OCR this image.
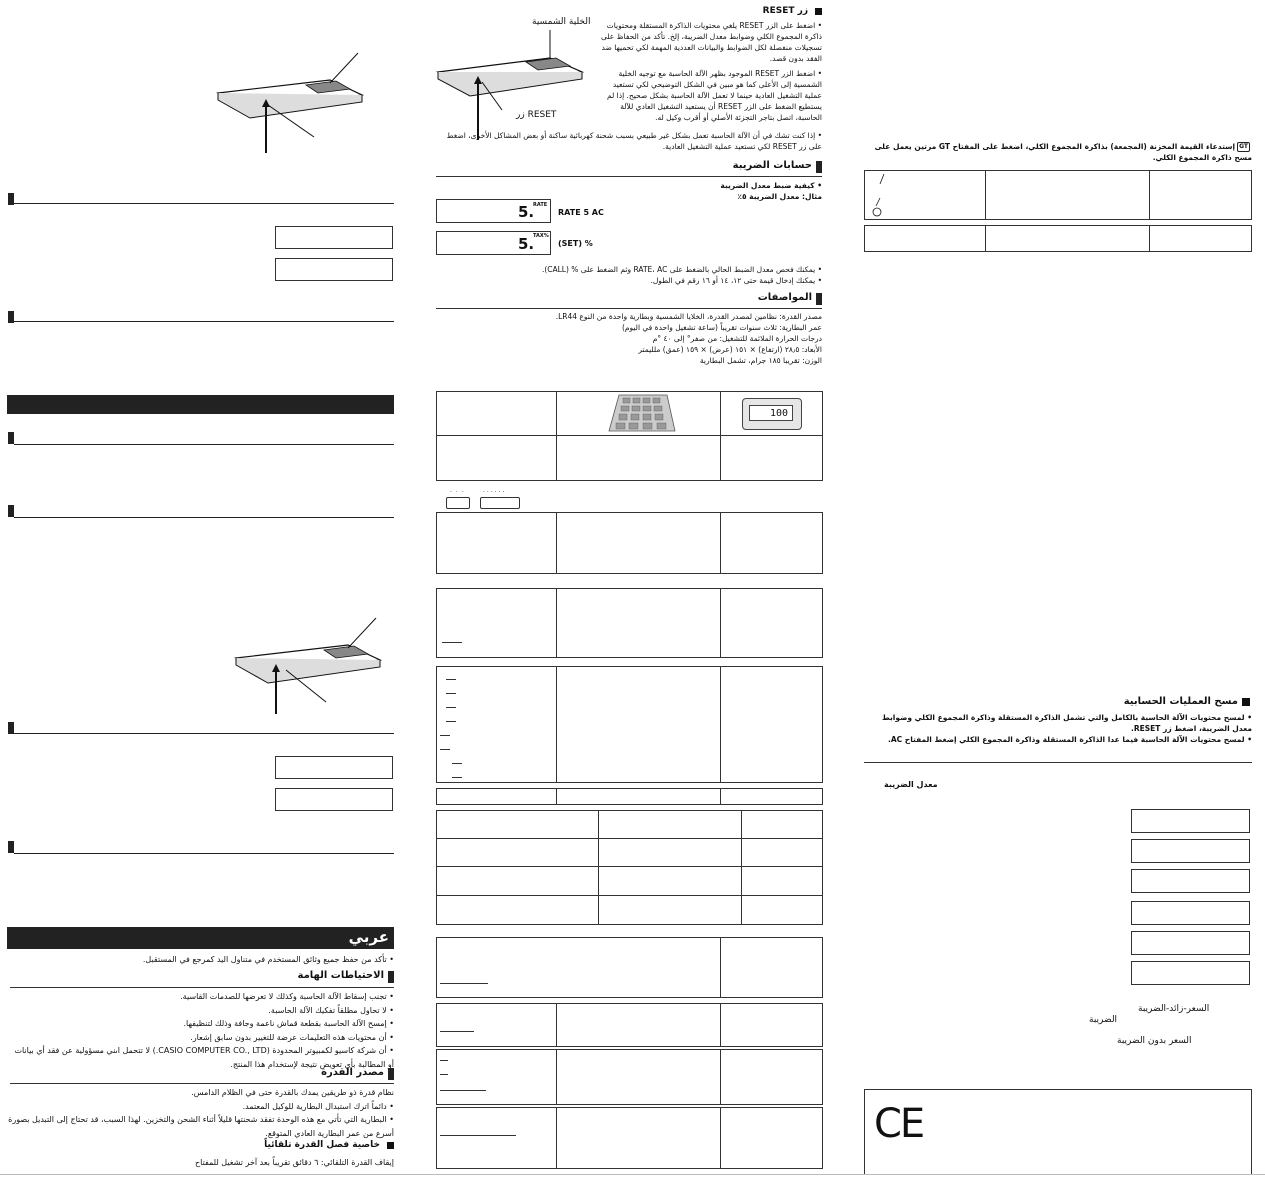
عربي
• تأكد من حفظ جميع وثائق المستخدم في متناول اليد كمرجع في المستقبل.
الاحتياطات الهامة
• تجنب إسقاط الآلة الحاسبة وكذلك لا تعرضها للصدمات القاسية.
• لا تحاول مطلقاً تفكيك الآلة الحاسبة.
• إمسح الآلة الحاسبة بقطعة قماش ناعمة وجافة وذلك لتنظيفها.
• أن محتويات هذه التعليمات عرضة للتغيير بدون سابق إشعار.
• أن شركة كاسيو لكمبيوتر المحدودة (CASIO COMPUTER CO., LTD.) لا تتحمل اىني مسؤولية عن فقد أي بيانات أو المطالبة بأي تعويض نتيجة لإستخدام هذا المنتج.
مصدر القدرة
نظام قدرة ذو طريقين يمدك بالقدرة حتى في الظلام الدامس.
• دائماً اترك استبدال البطارية للوكيل المعتمد.
• البطارية التي تأتي مع هذه الوحدة تفقد شحنتها قليلاً أثناء الشحن والتخزين. لهذا السبب، قد تحتاج إلى التبديل بصورة أسرع من عمر البطارية العادي المتوقع.
خاصية فصل القدرة تلقائياً
إيقاف القدرة التلقائي: ٦ دقائق تقريباً بعد آخر تشغيل للمفتاح
الخلية الشمسية
RESET زر
زر RESET
• اضغط على الزر RESET يلغي محتويات الذاكرة المستقلة ومحتويات ذاكرة المجموع الكلي وضوابط معدل الضريبة، إلخ. تأكد من الحفاظ على تسجيلات منفصلة لكل الضوابط والبيانات العددية المهمة لكي تحميها ضد الفقد بدون قصد.
• اضغط الزر RESET الموجود بظهر الآلة الحاسبة مع توجيه الخلية الشمسية إلى الأعلى كما هو مبين في الشكل التوضيحي لكي تستعيد عملية التشغيل العادية حينما لا تعمل الآلة الحاسبة بشكل صحيح. إذا لم يستطيع الضغط على الزر RESET أن يستعيد التشغيل العادي للآلة الحاسبة، اتصل بتاجر التجزئة الأصلي أو أقرب وكيل له.
• إذا كنت تشك في أن الآلة الحاسبة تعمل بشكل غير طبيعي بسبب شحنة كهربائية ساكنة أو بعض المشاكل الأخرى، اضغط على زر RESET لكي تستعيد عملية التشغيل العادية.
حسابات الضريبة
• كيفية ضبط معدل الضريبة
مثال: معدل الضريبة ٥٪
5.
RATE
RATE 5 AC
5.
TAX%
(SET) %
• يمكنك فحص معدل الضبط الحالي بالضغط على RATE، AC وثم الضغط على % (CALL).
• يمكنك إدخال قيمة حتى ١٢، ١٤ أو ١٦ رقم في الطول.
المواصفات
مصدر القدرة: نظامين لمصدر القدرة، الخلايا الشمسية وبطارية واحدة من النوع LR44.
عمر البطارية: ثلاث سنوات تقريباً (ساعة تشغيل واحدة في اليوم)
درجات الحرارة الملائمة للتشغيل: من صفر° إلى ٤٠ °م
الأبعاد: ٢٨٫٥ (ارتفاع) × ١٥١ (عرض) × ١٥٩ (عمق) ملليمتر
الوزن: تقريبا ١٨٥ جرام، تشمل البطارية
100
···	······
GTإستدعاء القيمة المخزنة (المجمعة) بذاكرة المجموع الكلي، اضغط على المفتاح GT مرتين يعمل على مسح ذاكرة المجموع الكلي.
مسح العمليات الحسابية
• لمسح محتويات الآلة الحاسبة بالكامل والتي تشمل الذاكرة المستقلة وذاكرة المجموع الكلي وضوابط معدل الضريبة، اضغط زر RESET.
• لمسح محتويات الآلة الحاسبة فيما عدا الذاكرة المستقلة وذاكرة المجموع الكلي إضغط المفتاح AC.
معدل الضريبة
السعر-زائد-الضريبة
الضريبة
السعر بدون الضريبة
CE
